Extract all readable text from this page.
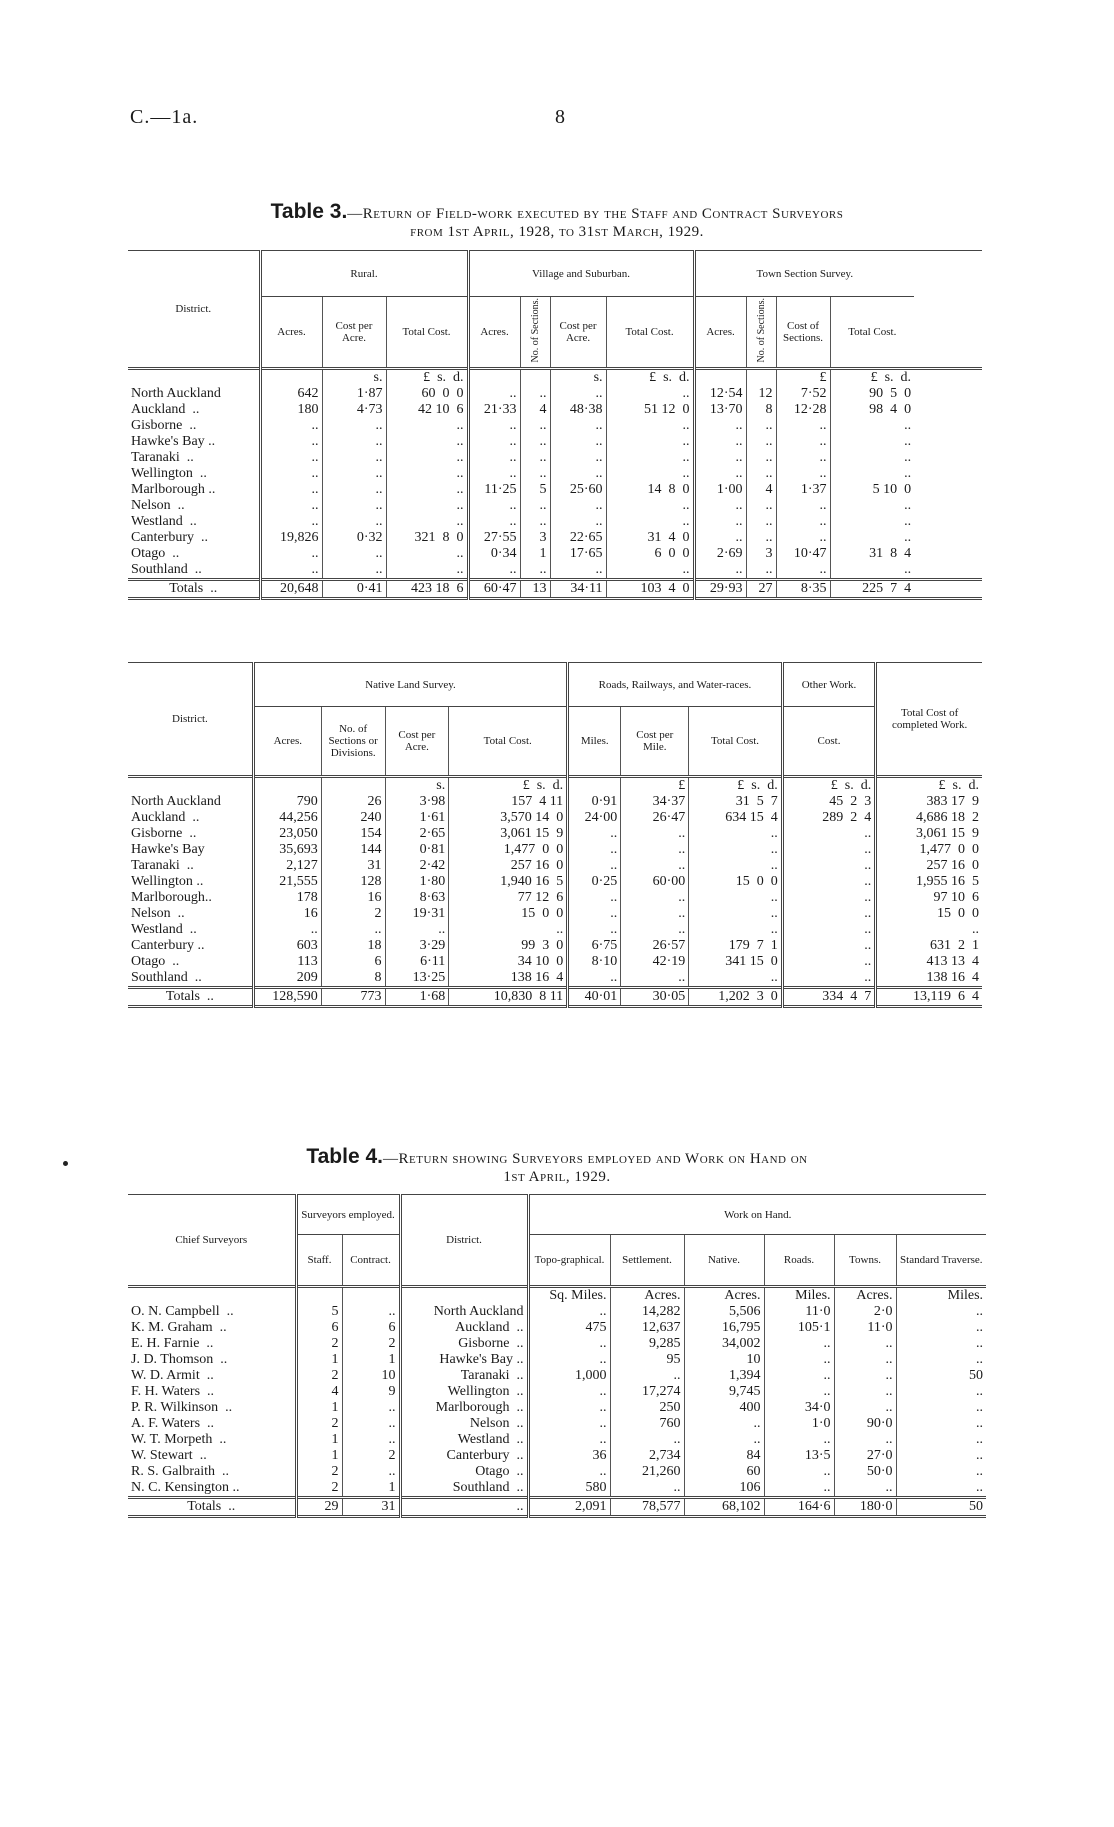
C.—1a.	8
Table 3.—Return of Field-work executed by the Staff and Contract Surveyors
from 1st April, 1928, to 31st March, 1929.
District.	Rural.			Village and Suburban.				Town Section Survey.			
	Acres.	Cost per Acre.	Total Cost.	Acres.	No. of Sections.	Cost per Acre.	Total Cost.	Acres.	No. of Sections.	Cost of Sections.	Total Cost.
		s.	£  s.  d.			s.	£  s.  d.			£	£  s.  d.
North Auckland	642	1·87	60  0  0	..	..	..	..	12·54	12	7·52	90  5  0
Auckland  ..	180	4·73	42 10  6	21·33	4	48·38	51 12  0	13·70	8	12·28	98  4  0
Gisborne  ..	..	..	..	..	..	..	..	..	..	..	..
Hawke's Bay ..	..	..	..	..	..	..	..	..	..	..	..
Taranaki  ..	..	..	..	..	..	..	..	..	..	..	..
Wellington  ..	..	..	..	..	..	..	..	..	..	..	..
Marlborough ..	..	..	..	11·25	5	25·60	14  8  0	1·00	4	1·37	5 10  0
Nelson  ..	..	..	..	..	..	..	..	..	..	..	..
Westland  ..	..	..	..	..	..	..	..	..	..	..	..
Canterbury  ..	19,826	0·32	321  8  0	27·55	3	22·65	31  4  0	..	..	..	..
Otago  ..	..	..	..	0·34	1	17·65	6  0  0	2·69	3	10·47	31  8  4
Southland  ..	..	..	..	..	..	..	..	..	..	..	..
Totals  ..	20,648	0·41	423 18  6	60·47	13	34·11	103  4  0	29·93	27	8·35	225  7  4
District.	Native Land Survey.				Roads, Railways, and Water-races.			Other Work.	Total Cost of completed Work.
	Acres.	No. of Sections or Divisions.	Cost per Acre.	Total Cost.	Miles.	Cost per Mile.	Total Cost.	Cost.	
			s.	£  s.  d.		£	£  s.  d.	£  s.  d.	£  s.  d.
North Auckland	790	26	3·98	157  4 11	0·91	34·37	31  5  7	45  2  3	383 17  9
Auckland  ..	44,256	240	1·61	3,570 14  0	24·00	26·47	634 15  4	289  2  4	4,686 18  2
Gisborne  ..	23,050	154	2·65	3,061 15  9	..	..	..	..	3,061 15  9
Hawke's Bay	35,693	144	0·81	1,477  0  0	..	..	..	..	1,477  0  0
Taranaki  ..	2,127	31	2·42	257 16  0	..	..	..	..	257 16  0
Wellington ..	21,555	128	1·80	1,940 16  5	0·25	60·00	15  0  0	..	1,955 16  5
Marlborough..	178	16	8·63	77 12  6	..	..	..	..	97 10  6
Nelson  ..	16	2	19·31	15  0  0	..	..	..	..	15  0  0
Westland  ..	..	..	..	..	..	..	..	..	..
Canterbury ..	603	18	3·29	99  3  0	6·75	26·57	179  7  1	..	631  2  1
Otago  ..	113	6	6·11	34 10  0	8·10	42·19	341 15  0	..	413 13  4
Southland  ..	209	8	13·25	138 16  4	..	..	..	..	138 16  4
Totals  ..	128,590	773	1·68	10,830  8 11	40·01	30·05	1,202  3  0	334  4  7	13,119  6  4
Table 4.—Return showing Surveyors employed and Work on Hand on
1st April, 1929.
Chief Surveyors	Surveyors employed.		District.	Work on Hand.					
	Staff.	Contract.		Topo-graphical.	Settlement.	Native.	Roads.	Towns.	Standard Traverse.
				Sq. Miles.	Acres.	Acres.	Miles.	Acres.	Miles.
O. N. Campbell  ..	5	..	North Auckland	..	14,282	5,506	11·0	2·0	..
K. M. Graham  ..	6	6	Auckland  ..	475	12,637	16,795	105·1	11·0	..
E. H. Farnie  ..	2	2	Gisborne  ..	..	9,285	34,002	..	..	..
J. D. Thomson  ..	1	1	Hawke's Bay ..	..	95	10	..	..	..
W. D. Armit  ..	2	10	Taranaki  ..	1,000	..	1,394	..	..	50
F. H. Waters  ..	4	9	Wellington  ..	..	17,274	9,745	..	..	..
P. R. Wilkinson  ..	1	..	Marlborough  ..	..	250	400	34·0	..	..
A. F. Waters  ..	2	..	Nelson  ..	..	760	..	1·0	90·0	..
W. T. Morpeth  ..	1	..	Westland  ..	..	..	..	..	..	..
W. Stewart  ..	1	2	Canterbury  ..	36	2,734	84	13·5	27·0	..
R. S. Galbraith  ..	2	..	Otago  ..	..	21,260	60	..	50·0	..
N. C. Kensington ..	2	1	Southland  ..	580	..	106	..	..	..
Totals  ..	29	31	..	2,091	78,577	68,102	164·6	180·0	50
